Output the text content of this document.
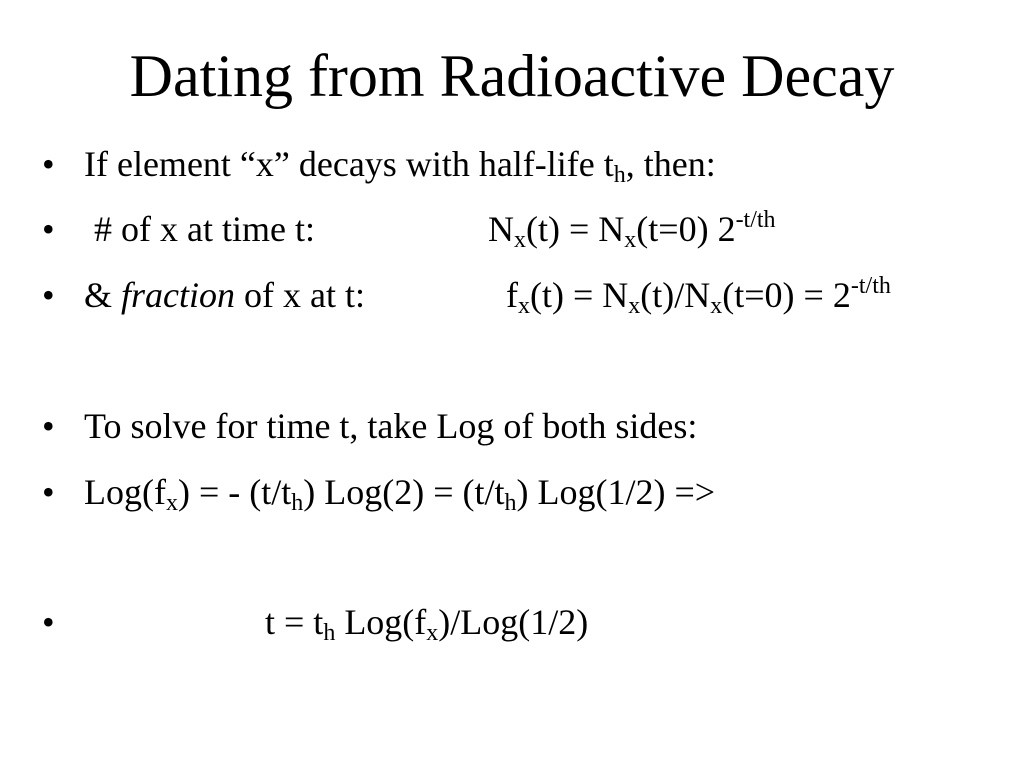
Dating from Radioactive Decay
• If element “x” decays with half-life $t_h$, then:
• # of x at time t:	$N_x(t) = N_x(t=0)$ $2^{-t/th}$
• & fraction of x at t:	$f_x(t) = N_x(t)/N_x(t=0) = 2^{-t/th}$
• To solve for time t, take Log of both sides:
• $Log(f_x)$ = - $(t/t_h) Log(2) = (t/t_h) Log(1/2)$ =>
•	$t = t_h$ $Log(f_x)/Log(1/2)$
